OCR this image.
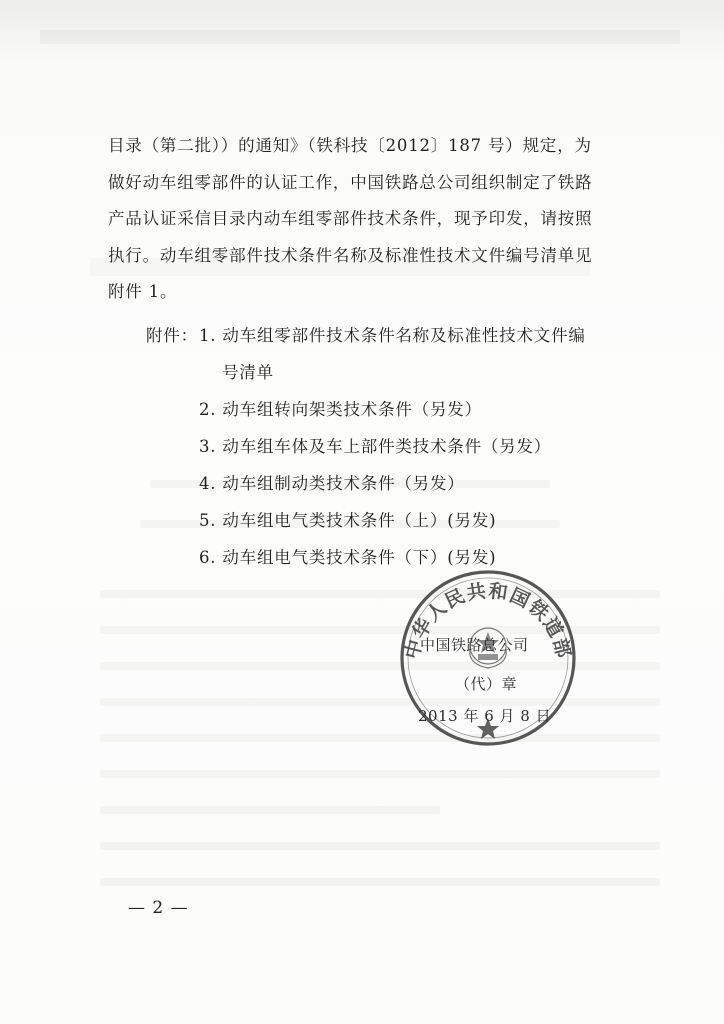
目录（第二批））的通知》（铁科技〔2012〕187 号）规定，为

做好动车组零部件的认证工作，中国铁路总公司组织制定了铁路

产品认证采信目录内动车组零部件技术条件，现予印发，请按照

执行。动车组零部件技术条件名称及标准性技术文件编号清单见

附件 1。

附件： 1. 动车组零部件技术条件名称及标准性技术文件编
号清单
2. 动车组转向架类技术条件（另发）
3. 动车组车体及车上部件类技术条件（另发）
4. 动车组制动类技术条件（另发）
5. 动车组电气类技术条件（上）(另发)
6. 动车组电气类技术条件（下）(另发)
中华人民共和国铁道部
中国铁路总公司
（代）章
2013 年 6 月 8 日
— 2 —
